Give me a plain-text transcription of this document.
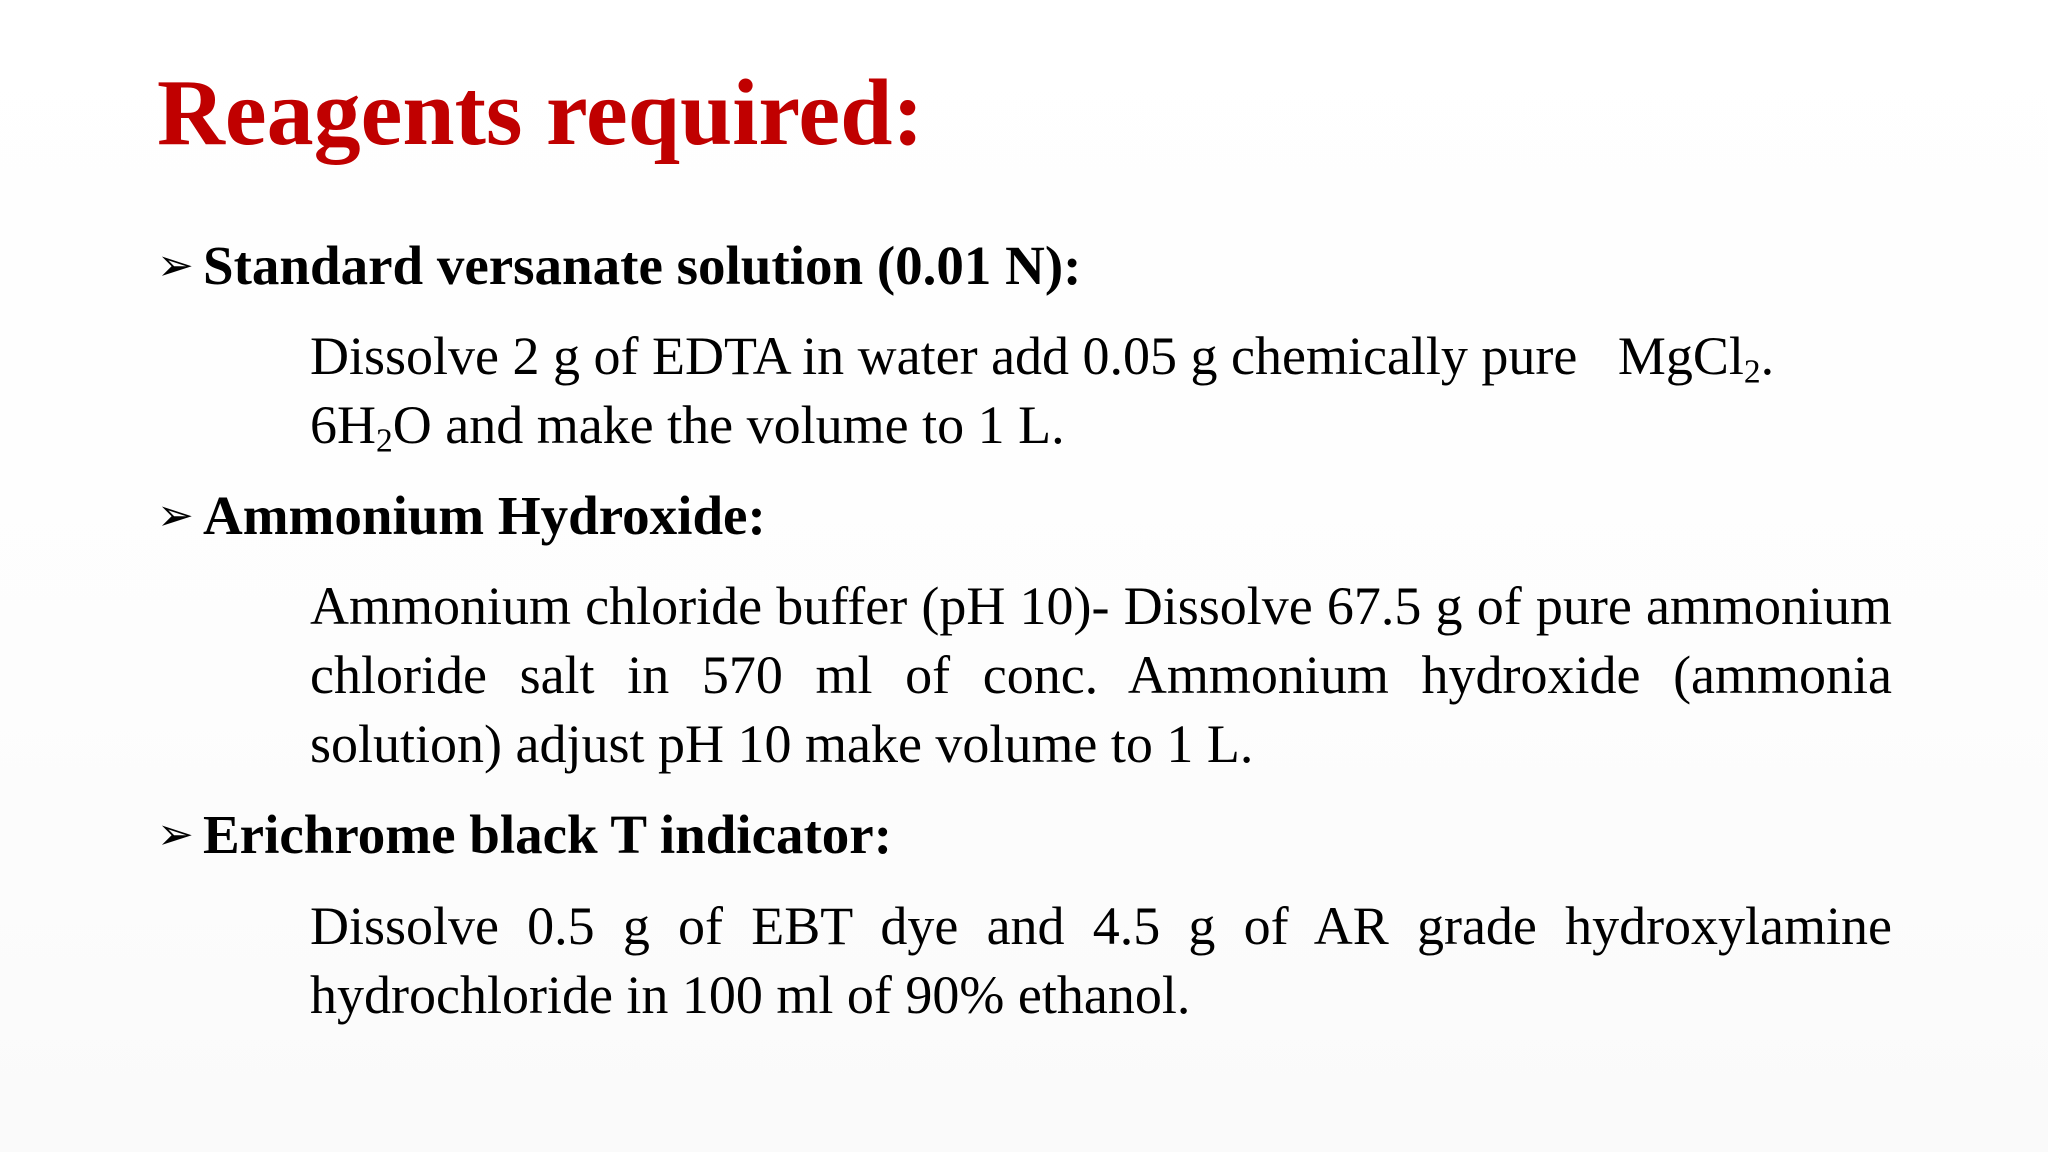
Reagents required:
➢ Standard versanate solution (0.01 N):

Dissolve 2 g of EDTA in water add 0.05 g chemically pure   MgCl$_2$. $6H_2O$ and make the volume to 1 L.

➢ Ammonium Hydroxide:

Ammonium chloride buffer (pH 10)- Dissolve 67.5 g of pure ammonium chloride salt in 570 ml of conc. Ammonium hydroxide (ammonia solution) adjust pH 10 make volume to 1 L.

➢ Erichrome black T indicator:

Dissolve 0.5 g of EBT dye and 4.5 g of AR grade hydroxylamine hydrochloride in 100 ml of 90% ethanol.
